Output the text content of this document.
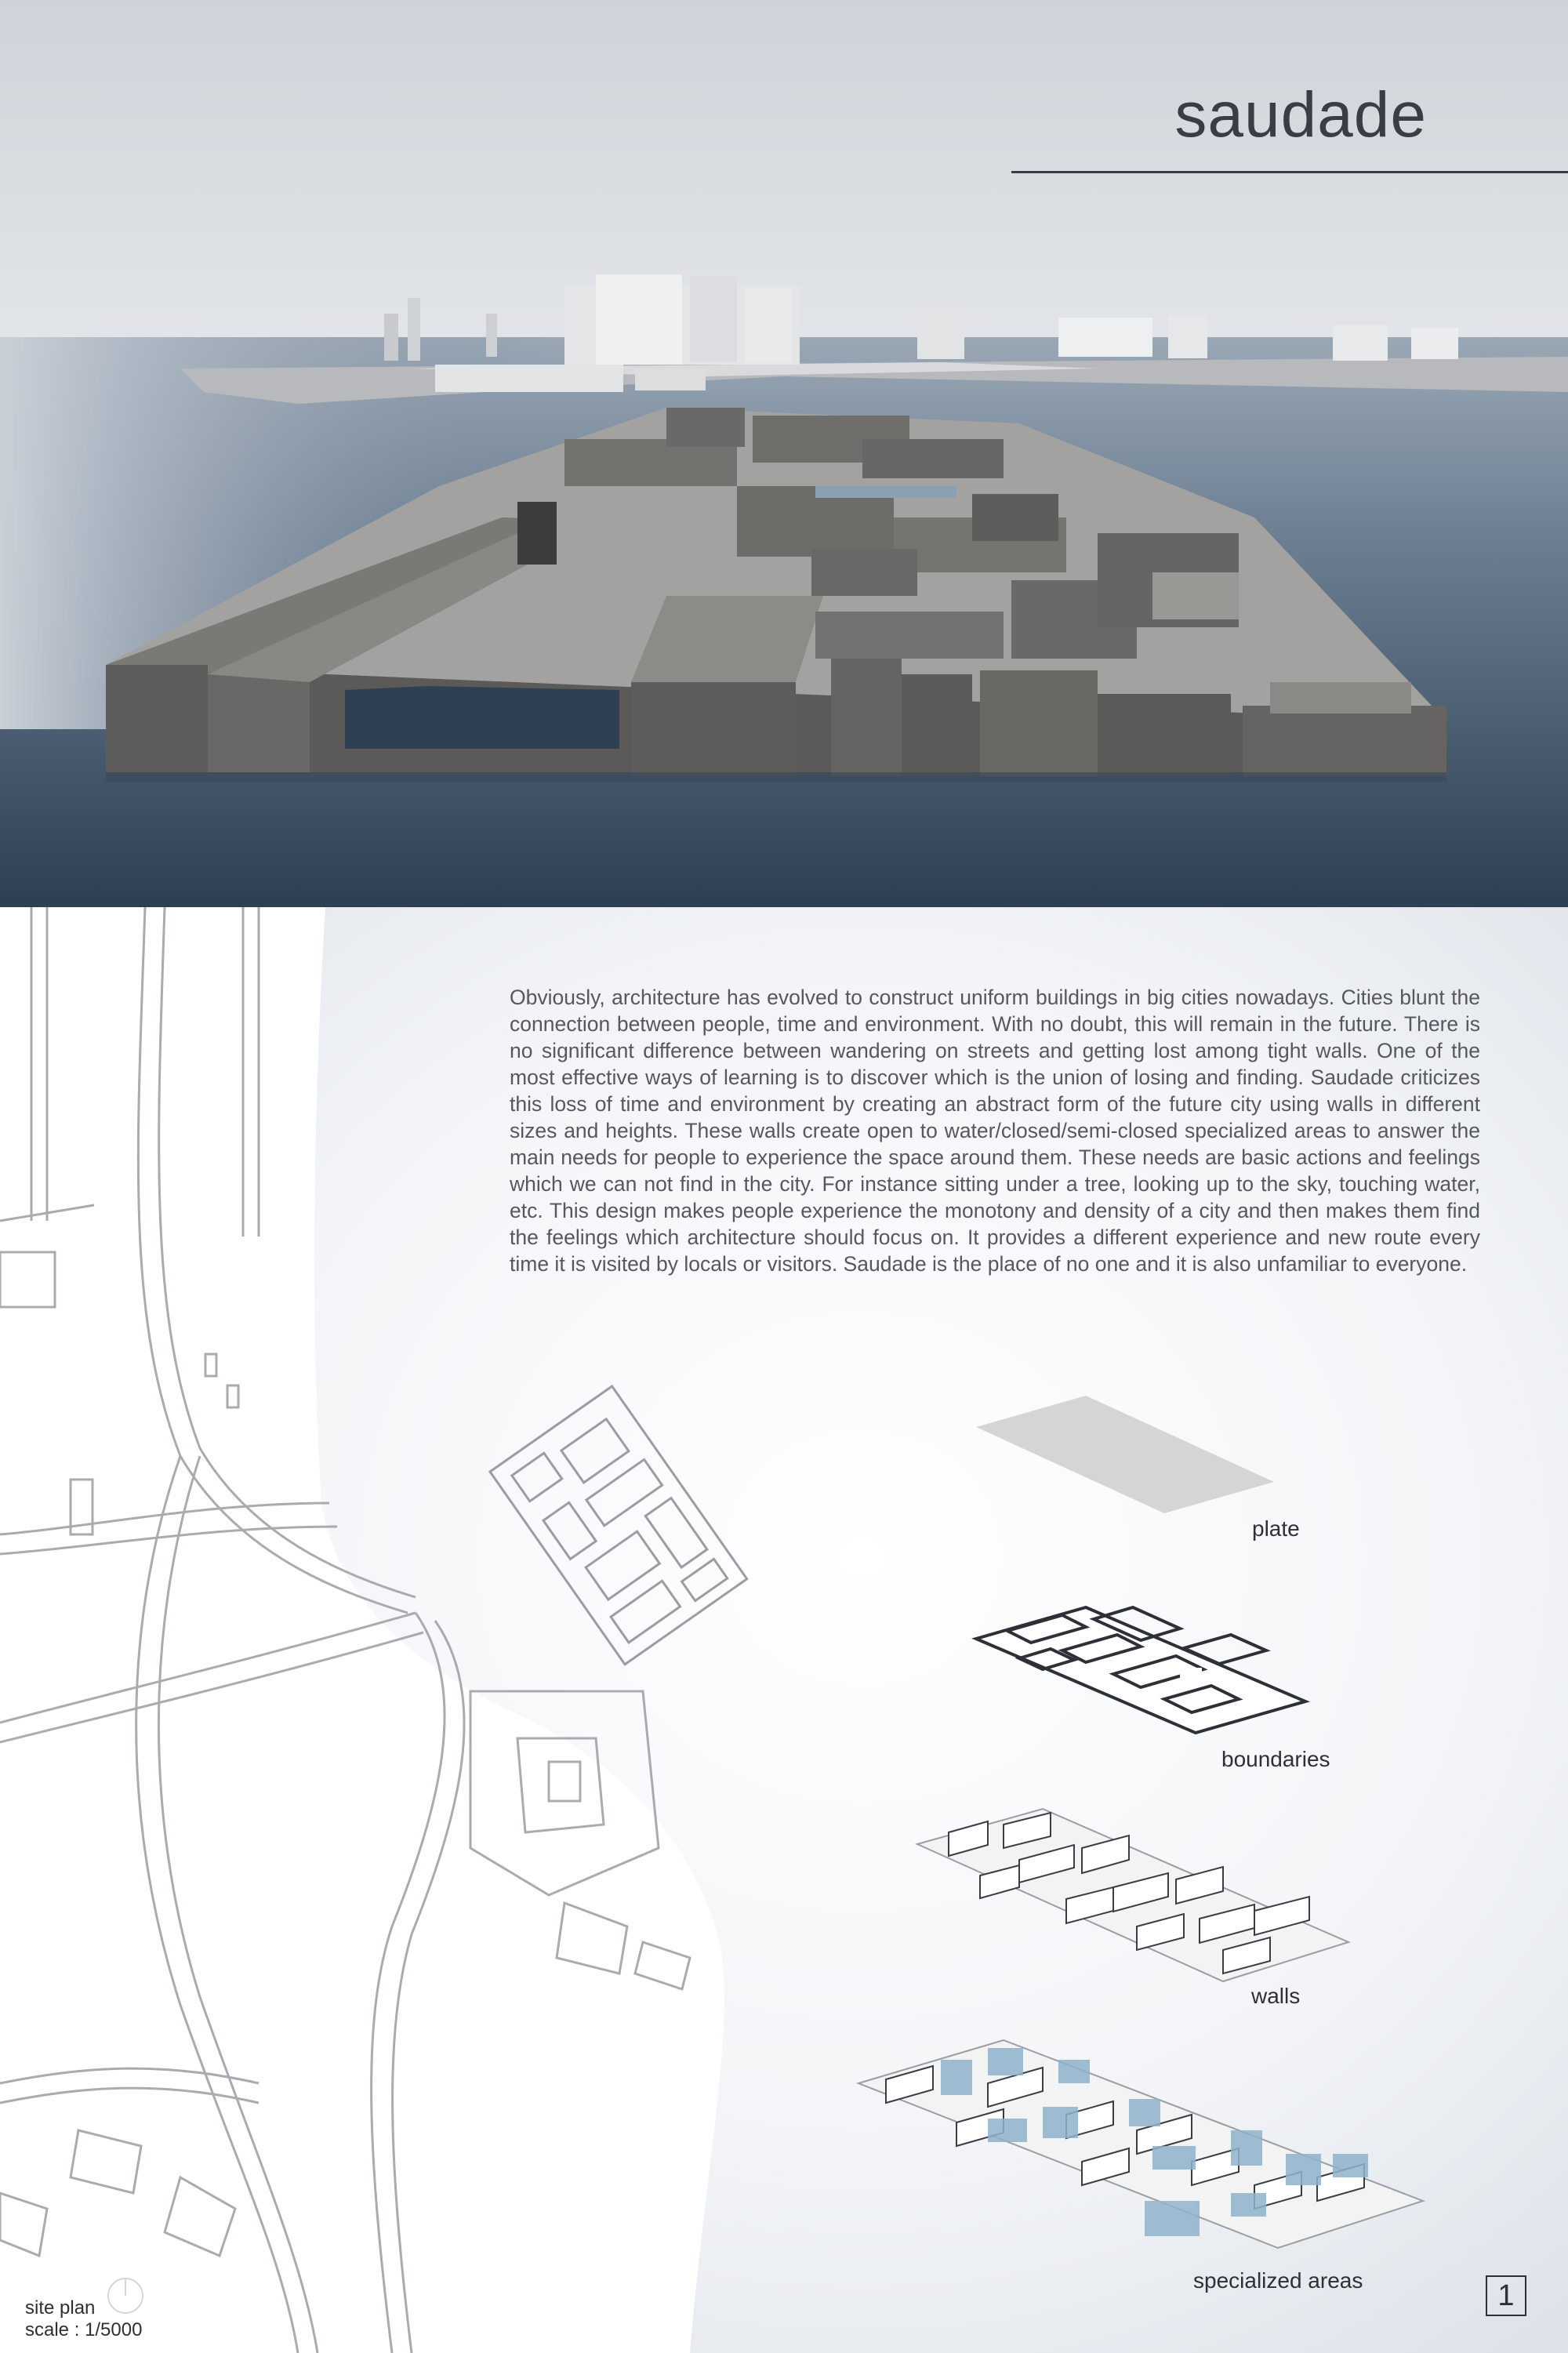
saudade
Obviously, architecture has evolved to construct uniform buildings in big cities nowadays. Cities blunt the connection between people, time and environment. With no doubt, this will remain in the future. There is no significant difference between wandering on streets and getting lost among tight walls. One of the most effective ways of learning is to discover which is the union of losing and finding. Saudade criticizes this loss of time and environment by creating an abstract form of the future city using walls in different sizes and heights. These walls create open to water/closed/semi-closed specialized areas to answer the main needs for people to experience the space around them. These needs are basic actions and feelings which we can not find in the city. For instance sitting under a tree, looking up to the sky, touching water, etc. This design makes people experience the monotony and density of a city and then makes them find the feelings which architecture should focus on. It provides a different experience and new route every time it is visited by locals or visitors. Saudade is the place of no one and it is also unfamiliar to everyone.
plate
boundaries
walls
specialized areas
site plan
scale : 1/5000
1
